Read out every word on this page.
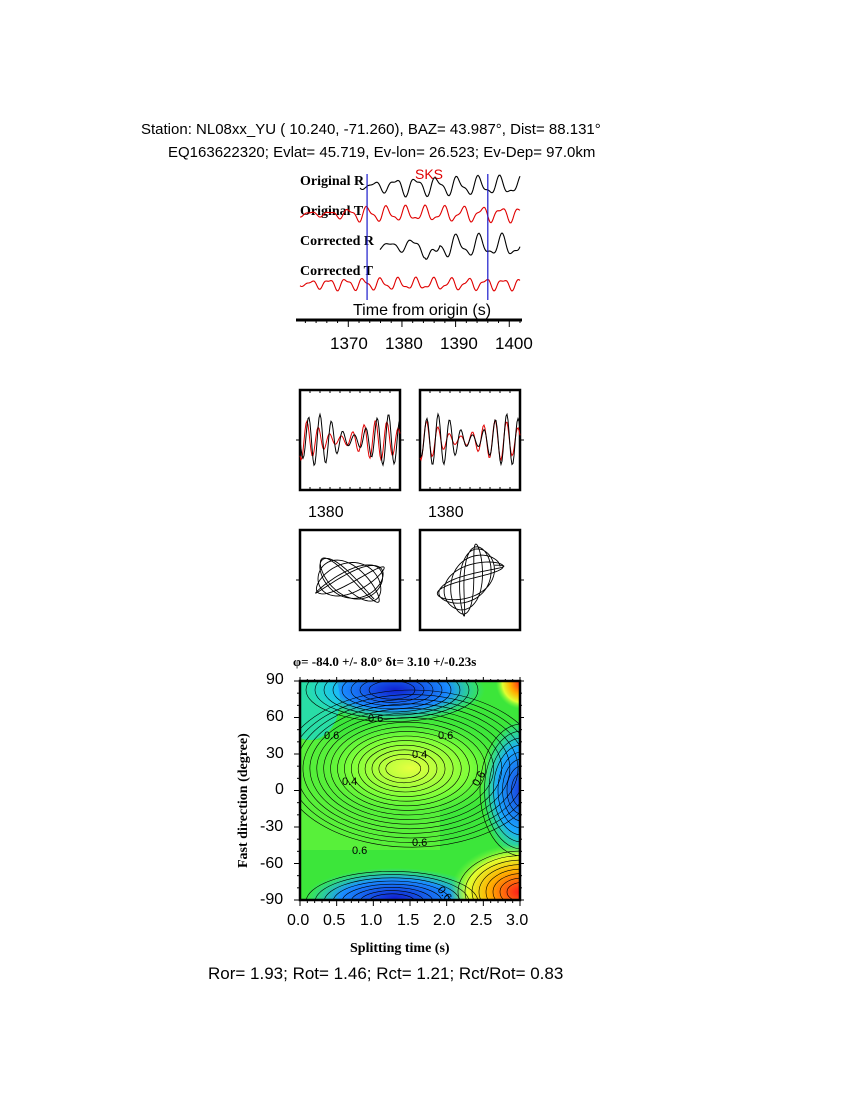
Station: NL08xx_YU ( 10.240, -71.260), BAZ= 43.987°, Dist= 88.131°
EQ163622320; Evlat= 45.719, Ev-lon= 26.523; Ev-Dep= 97.0km
Original R
Original T
Corrected R
Corrected T
SKS
Time from origin (s)
1370 1380 1390 1400
1380	1380
φ= -84.0 +/- 8.0° δt= 3.10 +/-0.23s
90
60
30
0
-30
-60
-90
0.0 0.5 1.0 1.5 2.0 2.5 3.0
Splitting time (s)
Fast direction (degree)
Ror= 1.93; Rot= 1.46; Rct= 1.21; Rct/Rot= 0.83
0.6
0.6	0.6
0.4
0.4	0.6
0.6
0.6
0.6
